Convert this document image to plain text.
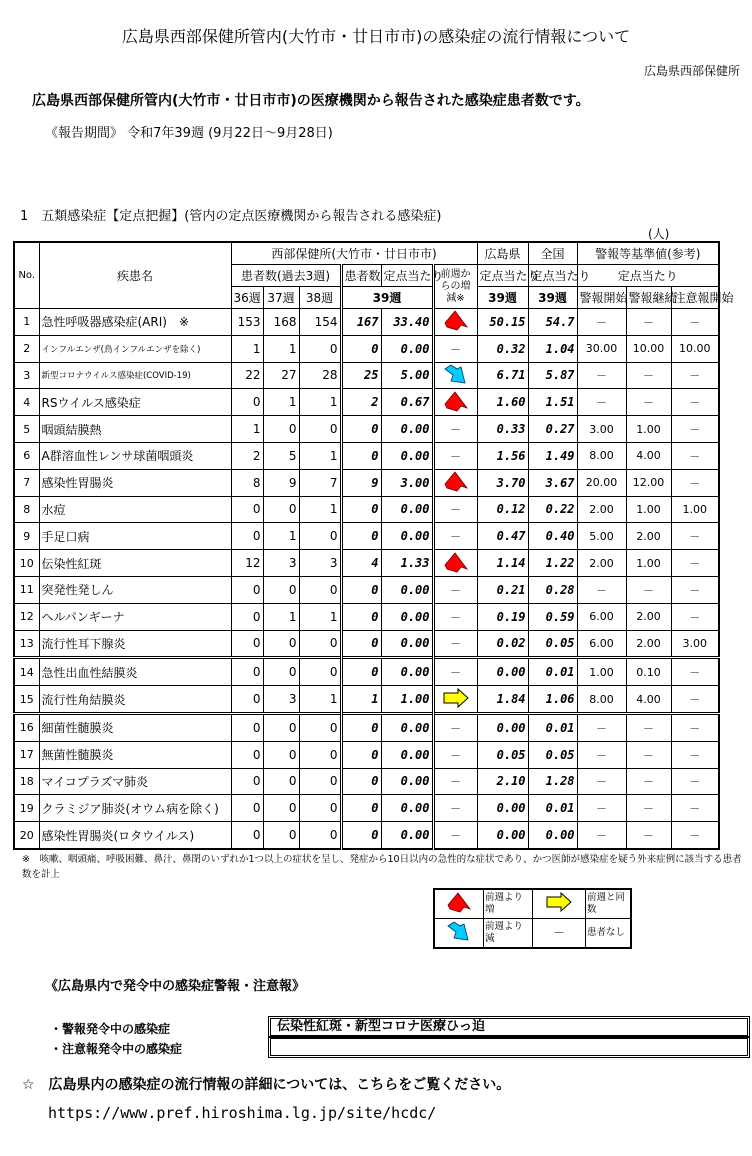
広島県西部保健所管内(大竹市・廿日市市)の感染症の流行情報について
広島県西部保健所
広島県西部保健所管内(大竹市・廿日市市)の医療機関から報告された感染症患者数です。
《報告期間》 令和7年39週 (9月22日～9月28日)
1　五類感染症【定点把握】(管内の定点医療機関から報告される感染症)
(人)
No.	疾患名	西部保健所(大竹市・廿日市市)						広島県	全国	警報等基準値(参考)		
		患者数(過去3週)			患者数	定点当たり	前週からの増減※	定点当たり	定点当たり	定点当たり		
		36週	37週	38週	39週			39週	39週	警報開始	警報継続	注意報開始
1	急性呼吸器感染症(ARI)　※	153	168	154	167	33.40		50.15	54.7	－	－	－
2	インフルエンザ(鳥インフルエンザを除く)	1	1	0	0	0.00	－	0.32	1.04	30.00	10.00	10.00
3	新型コロナウイルス感染症(COVID-19)	22	27	28	25	5.00		6.71	5.87	－	－	－
4	RSウイルス感染症	0	1	1	2	0.67		1.60	1.51	－	－	－
5	咽頭結膜熱	1	0	0	0	0.00	－	0.33	0.27	3.00	1.00	－
6	A群溶血性レンサ球菌咽頭炎	2	5	1	0	0.00	－	1.56	1.49	8.00	4.00	－
7	感染性胃腸炎	8	9	7	9	3.00		3.70	3.67	20.00	12.00	－
8	水痘	0	0	1	0	0.00	－	0.12	0.22	2.00	1.00	1.00
9	手足口病	0	1	0	0	0.00	－	0.47	0.40	5.00	2.00	－
10	伝染性紅斑	12	3	3	4	1.33		1.14	1.22	2.00	1.00	－
11	突発性発しん	0	0	0	0	0.00	－	0.21	0.28	－	－	－
12	ヘルパンギーナ	0	1	1	0	0.00	－	0.19	0.59	6.00	2.00	－
13	流行性耳下腺炎	0	0	0	0	0.00	－	0.02	0.05	6.00	2.00	3.00
14	急性出血性結膜炎	0	0	0	0	0.00	－	0.00	0.01	1.00	0.10	－
15	流行性角結膜炎	0	3	1	1	1.00		1.84	1.06	8.00	4.00	－
16	細菌性髄膜炎	0	0	0	0	0.00	－	0.00	0.01	－	－	－
17	無菌性髄膜炎	0	0	0	0	0.00	－	0.05	0.05	－	－	－
18	マイコプラズマ肺炎	0	0	0	0	0.00	－	2.10	1.28	－	－	－
19	クラミジア肺炎(オウム病を除く)	0	0	0	0	0.00	－	0.00	0.01	－	－	－
20	感染性胃腸炎(ロタウイルス)	0	0	0	0	0.00	－	0.00	0.00	－	－	－
※　咳嗽、咽頭痛、呼吸困難、鼻汁、鼻閉のいずれか1つ以上の症状を呈し、発症から10日以内の急性的な症状であり、かつ医師が感染症を疑う外来症例に該当する患者数を計上
	前週より増		前週と同数
	前週より減	－	患者なし
《広島県内で発令中の感染症警報・注意報》
・警報発令中の感染症	伝染性紅斑・新型コロナ医療ひっ迫
・注意報発令中の感染症
☆　広島県内の感染症の流行情報の詳細については、こちらをご覧ください。
https://www.pref.hiroshima.lg.jp/site/hcdc/
